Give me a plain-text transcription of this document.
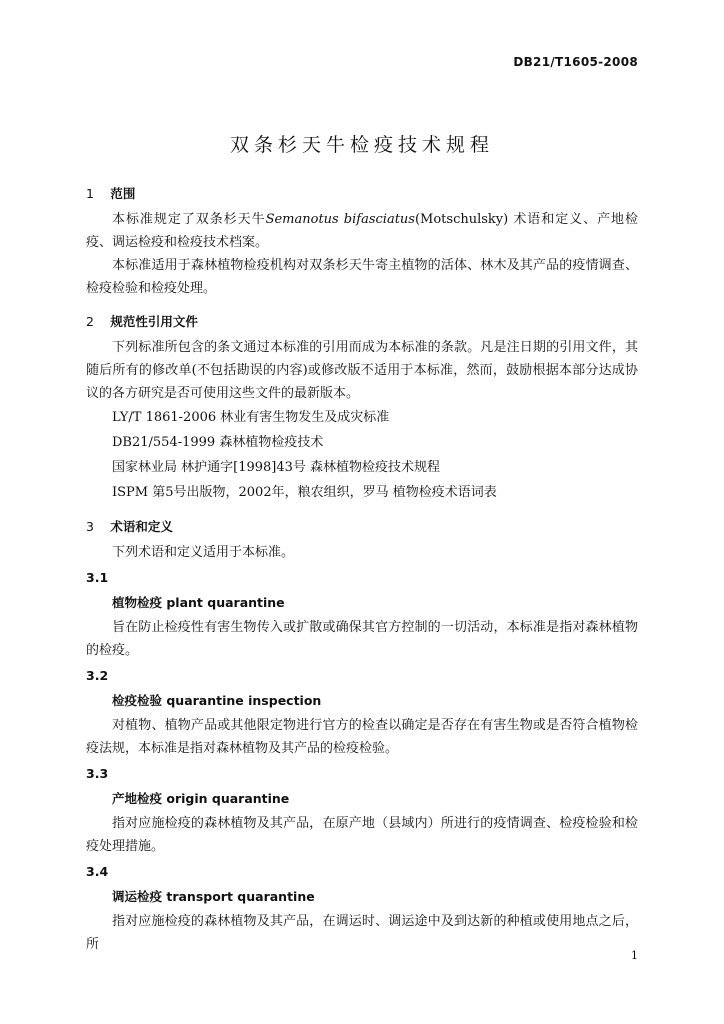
DB21/T1605-2008
双条杉天牛检疫技术规程
1 范围

本标准规定了双条杉天牛Semanotus bifasciatus(Motschulsky) 术语和定义、产地检疫、调运检疫和检疫技术档案。

本标准适用于森林植物检疫机构对双条杉天牛寄主植物的活体、林木及其产品的疫情调查、检疫检验和检疫处理。

2 规范性引用文件

下列标准所包含的条文通过本标准的引用而成为本标准的条款。凡是注日期的引用文件，其随后所有的修改单(不包括勘误的内容)或修改版不适用于本标准，然而，鼓励根据本部分达成协议的各方研究是否可使用这些文件的最新版本。

LY/T 1861-2006 林业有害生物发生及成灾标准

DB21/554-1999 森林植物检疫技术

国家林业局 林护通字[1998]43号 森林植物检疫技术规程

ISPM 第5号出版物，2002年，粮农组织，罗马 植物检疫术语词表

3 术语和定义

下列术语和定义适用于本标准。

3.1

植物检疫 plant quarantine

旨在防止检疫性有害生物传入或扩散或确保其官方控制的一切活动，本标准是指对森林植物的检疫。

3.2

检疫检验 quarantine inspection

对植物、植物产品或其他限定物进行官方的检查以确定是否存在有害生物或是否符合植物检疫法规，本标准是指对森林植物及其产品的检疫检验。

3.3

产地检疫 origin quarantine

指对应施检疫的森林植物及其产品，在原产地（县域内）所进行的疫情调查、检疫检验和检疫处理措施。

3.4

调运检疫 transport quarantine

指对应施检疫的森林植物及其产品，在调运时、调运途中及到达新的种植或使用地点之后，所

1
